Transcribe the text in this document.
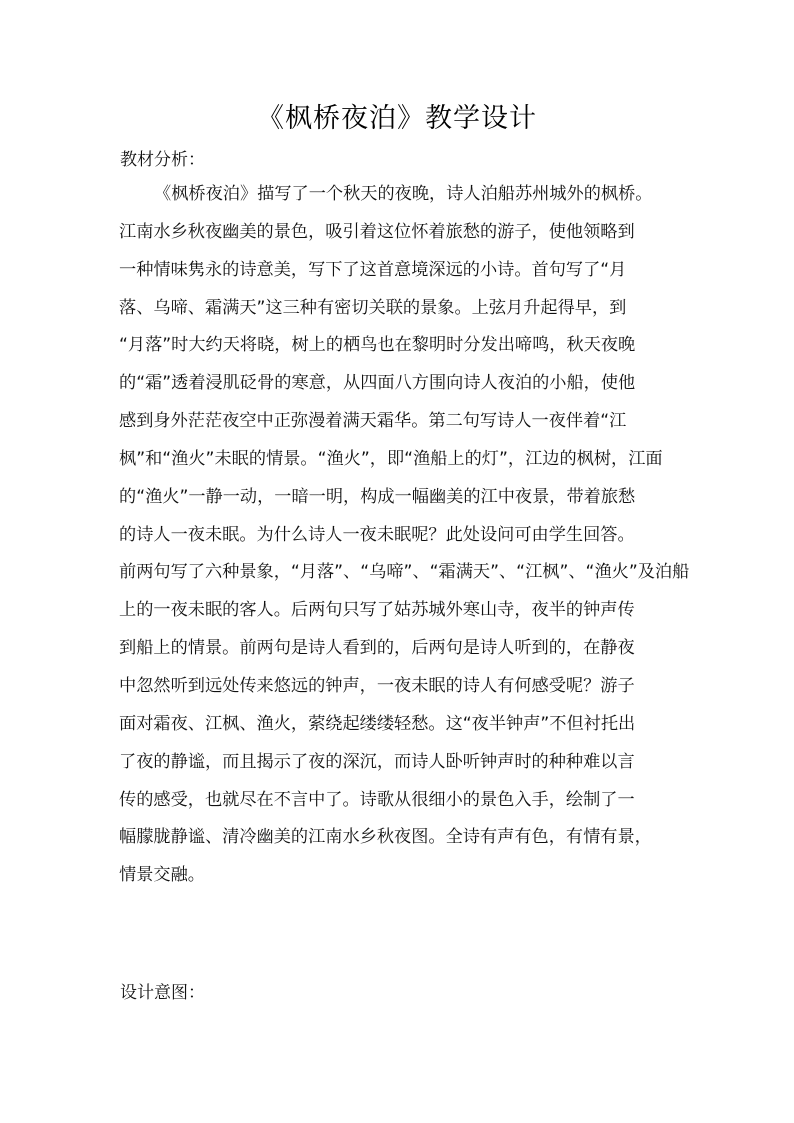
《枫桥夜泊》教学设计
教材分析：
《枫桥夜泊》描写了一个秋天的夜晚，诗人泊船苏州城外的枫桥。
江南水乡秋夜幽美的景色，吸引着这位怀着旅愁的游子，使他领略到
一种情味隽永的诗意美，写下了这首意境深远的小诗。首句写了“月
落、乌啼、霜满天”这三种有密切关联的景象。上弦月升起得早，到
“月落”时大约天将晓，树上的栖鸟也在黎明时分发出啼鸣，秋天夜晚
的“霜”透着浸肌砭骨的寒意，从四面八方围向诗人夜泊的小船，使他
感到身外茫茫夜空中正弥漫着满天霜华。第二句写诗人一夜伴着“江
枫”和“渔火”未眠的情景。“渔火”，即“渔船上的灯”，江边的枫树，江面
的“渔火”一静一动，一暗一明，构成一幅幽美的江中夜景，带着旅愁
的诗人一夜未眠。为什么诗人一夜未眠呢？此处设问可由学生回答。
前两句写了六种景象，“月落”、“乌啼”、“霜满天”、“江枫”、“渔火”及泊船
上的一夜未眠的客人。后两句只写了姑苏城外寒山寺，夜半的钟声传
到船上的情景。前两句是诗人看到的，后两句是诗人听到的，在静夜
中忽然听到远处传来悠远的钟声，一夜未眠的诗人有何感受呢？游子
面对霜夜、江枫、渔火，萦绕起缕缕轻愁。这“夜半钟声”不但衬托出
了夜的静谧，而且揭示了夜的深沉，而诗人卧听钟声时的种种难以言
传的感受，也就尽在不言中了。诗歌从很细小的景色入手，绘制了一
幅朦胧静谧、清冷幽美的江南水乡秋夜图。全诗有声有色，有情有景，
情景交融。
设计意图：
